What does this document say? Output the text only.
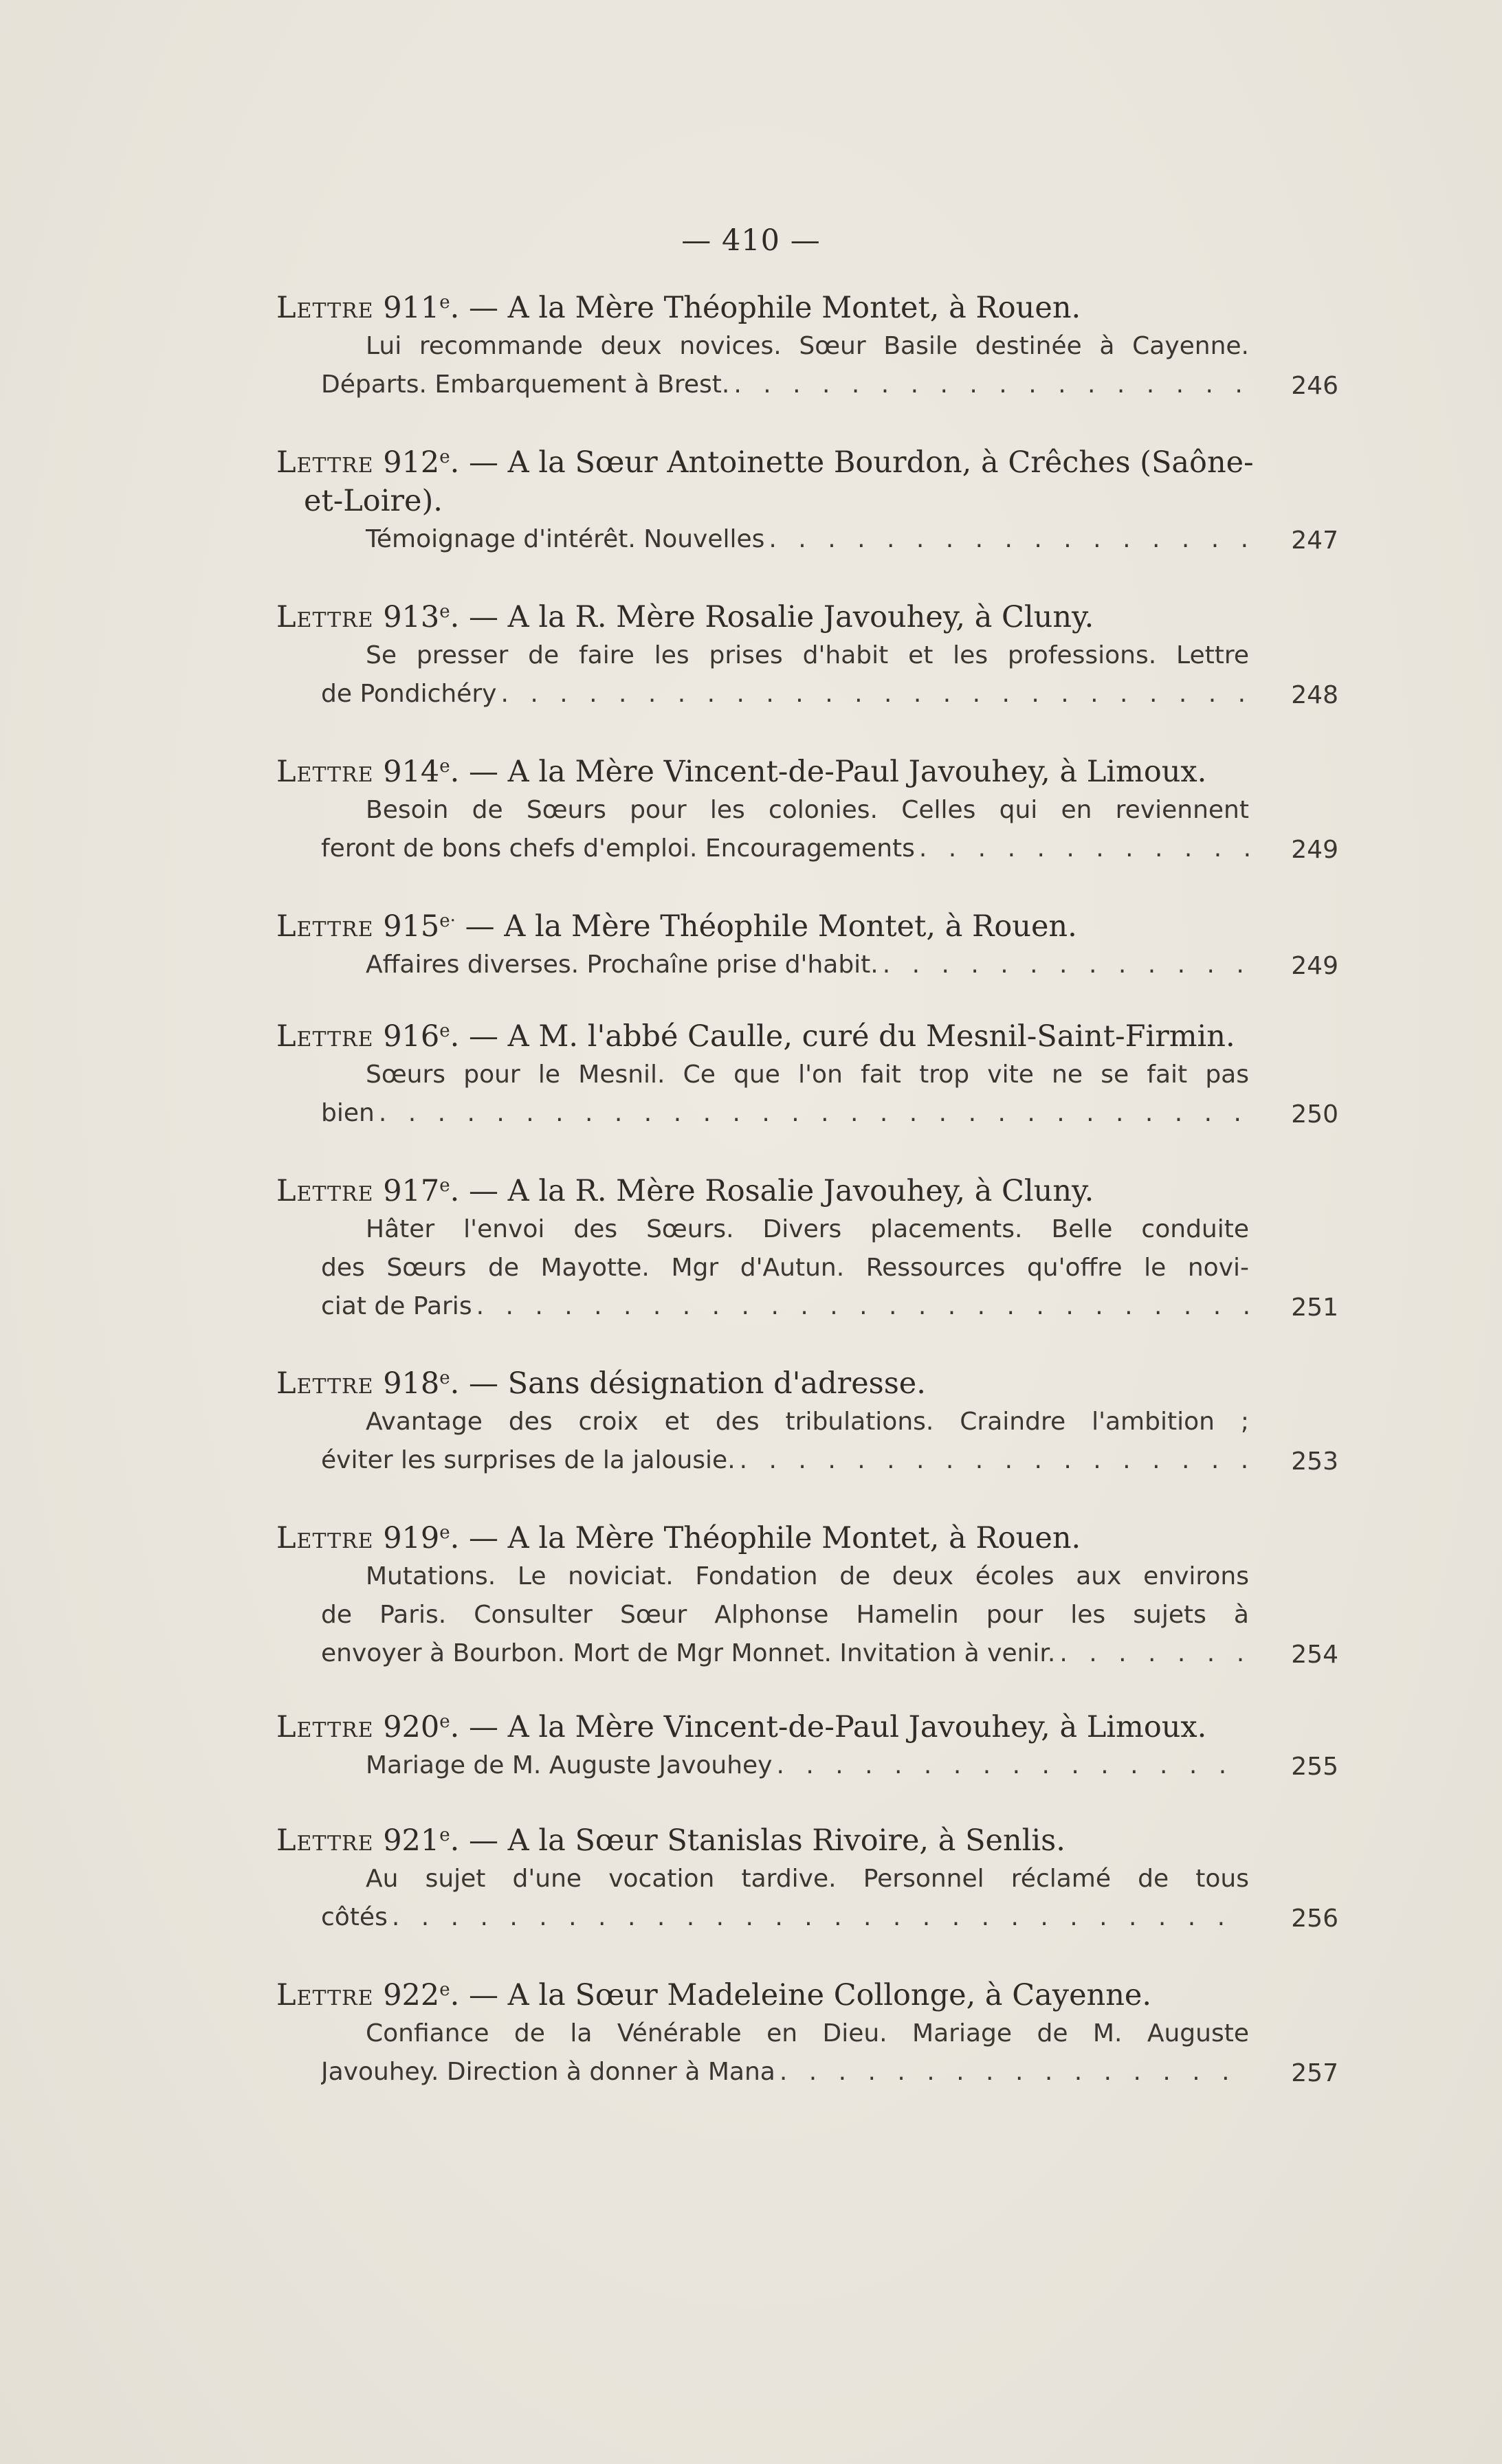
— 410 —
Lettre 911e. — A la Mère Théophile Montet, à Rouen.
Lui recommande deux novices. Sœur Basile destinée à Cayenne.
Départs. Embarquement à Brest. . . .	246
Lettre 912e. — A la Sœur Antoinette Bourdon, à Crêches (Saône-
et-Loire).
Témoignage d'intérêt. Nouvelles . . .	247
Lettre 913e. — A la R. Mère Rosalie Javouhey, à Cluny.
Se presser de faire les prises d'habit et les professions. Lettre
de Pondichéry . . .	248
Lettre 914e. — A la Mère Vincent-de-Paul Javouhey, à Limoux.
Besoin de Sœurs pour les colonies. Celles qui en reviennent
feront de bons chefs d'emploi. Encouragements . . .	249
Lettre $915^{e\cdot}$ — A la Mère Théophile Montet, à Rouen.
Affaires diverses. Prochaîne prise d'habit. . . .	249
Lettre 916e. — A M. l'abbé Caulle, curé du Mesnil-Saint-Firmin.
Sœurs pour le Mesnil. Ce que l'on fait trop vite ne se fait pas
bien . . .	250
Lettre 917e. — A la R. Mère Rosalie Javouhey, à Cluny.
Hâter l'envoi des Sœurs. Divers placements. Belle conduite
des Sœurs de Mayotte. Mgr d'Autun. Ressources qu'offre le novi-
ciat de Paris . . .	251
Lettre 918e. — Sans désignation d'adresse.
Avantage des croix et des tribulations. Craindre l'ambition ;
éviter les surprises de la jalousie. . . .	253
Lettre 919e. — A la Mère Théophile Montet, à Rouen.
Mutations. Le noviciat. Fondation de deux écoles aux environs
de Paris. Consulter Sœur Alphonse Hamelin pour les sujets à
envoyer à Bourbon. Mort de Mgr Monnet. Invitation à venir. . . .	254
Lettre 920e. — A la Mère Vincent-de-Paul Javouhey, à Limoux.
Mariage de M. Auguste Javouhey . . .	255
Lettre 921e. — A la Sœur Stanislas Rivoire, à Senlis.
Au sujet d'une vocation tardive. Personnel réclamé de tous
côtés . . .	256
Lettre 922e. — A la Sœur Madeleine Collonge, à Cayenne.
Confiance de la Vénérable en Dieu. Mariage de M. Auguste
Javouhey. Direction à donner à Mana . . .	257
